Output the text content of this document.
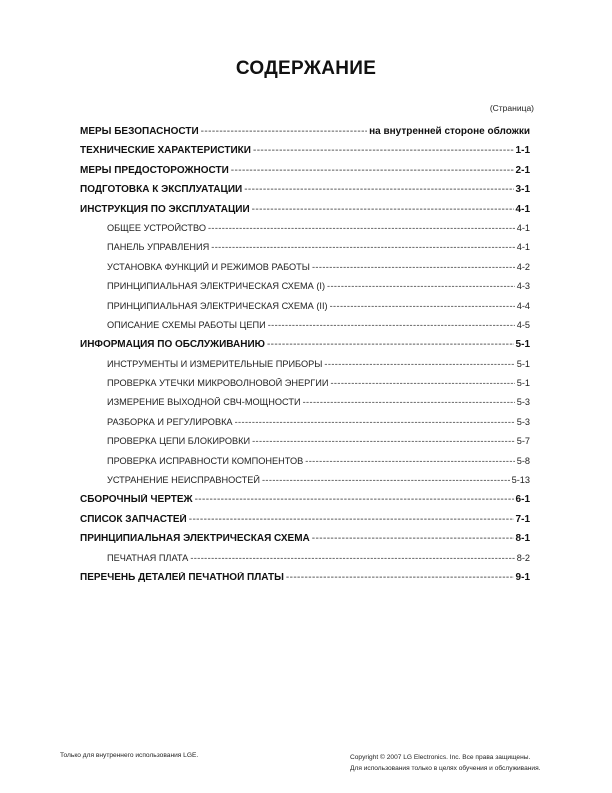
СОДЕРЖАНИЕ
(Страница)
МЕРЫ БЕЗОПАСНОСТИ -----	на внутренней стороне обложки
ТЕХНИЧЕСКИЕ ХАРАКТЕРИСТИКИ -----	1-1
МЕРЫ ПРЕДОСТОРОЖНОСТИ -----	2-1
ПОДГОТОВКА К ЭКСПЛУАТАЦИИ -----	3-1
ИНСТРУКЦИЯ ПО ЭКСПЛУАТАЦИИ -----	4-1
ОБЩЕЕ УСТРОЙСТВО -----	4-1
ПАНЕЛЬ УПРАВЛЕНИЯ -----	4-1
УСТАНОВКА ФУНКЦИЙ И РЕЖИМОВ РАБОТЫ -----	4-2
ПРИНЦИПИАЛЬНАЯ ЭЛЕКТРИЧЕСКАЯ СХЕМА (I) -----	4-3
ПРИНЦИПИАЛЬНАЯ ЭЛЕКТРИЧЕСКАЯ СХЕМА (II) -----	4-4
ОПИСАНИЕ СХЕМЫ РАБОТЫ ЦЕПИ -----	4-5
ИНФОРМАЦИЯ ПО ОБСЛУЖИВАНИЮ -----	5-1
ИНСТРУМЕНТЫ И ИЗМЕРИТЕЛЬНЫЕ ПРИБОРЫ -----	5-1
ПРОВЕРКА УТЕЧКИ МИКРОВОЛНОВОЙ ЭНЕРГИИ -----	5-1
ИЗМЕРЕНИЕ ВЫХОДНОЙ СВЧ-МОЩНОСТИ -----	5-3
РАЗБОРКА И РЕГУЛИРОВКА -----	5-3
ПРОВЕРКА ЦЕПИ БЛОКИРОВКИ -----	5-7
ПРОВЕРКА ИСПРАВНОСТИ КОМПОНЕНТОВ -----	5-8
УСТРАНЕНИЕ НЕИСПРАВНОСТЕЙ -----	5-13
СБОРОЧНЫЙ ЧЕРТЕЖ -----	6-1
СПИСОК ЗАПЧАСТЕЙ -----	7-1
ПРИНЦИПИАЛЬНАЯ ЭЛЕКТРИЧЕСКАЯ СХЕМА -----	8-1
ПЕЧАТНАЯ ПЛАТА -----	8-2
ПЕРЕЧЕНЬ ДЕТАЛЕЙ ПЕЧАТНОЙ ПЛАТЫ -----	9-1
Только для внутреннего использования LGE.	Copyright © 2007 LG Electronics. Inc. Все права защищены.
Для использования только в целях обучения и обслуживания.
